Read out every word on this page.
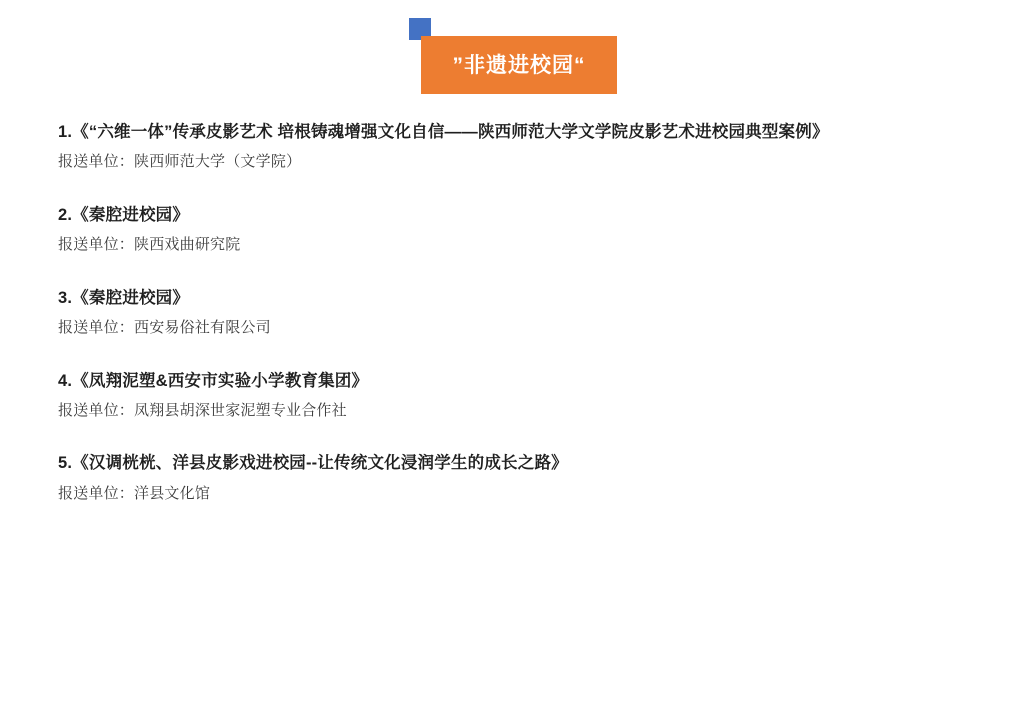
”非遗进校园“

1.《“六维一体”传承皮影艺术 培根铸魂增强文化自信——陕西师范大学文学院皮影艺术进校园典型案例》

报送单位：陕西师范大学（文学院）

2.《秦腔进校园》

报送单位：陕西戏曲研究院

3.《秦腔进校园》

报送单位：西安易俗社有限公司

4.《凤翔泥塑&西安市实验小学教育集团》

报送单位：凤翔县胡深世家泥塑专业合作社

5.《汉调桄桄、洋县皮影戏进校园--让传统文化浸润学生的成长之路》

报送单位：洋县文化馆
